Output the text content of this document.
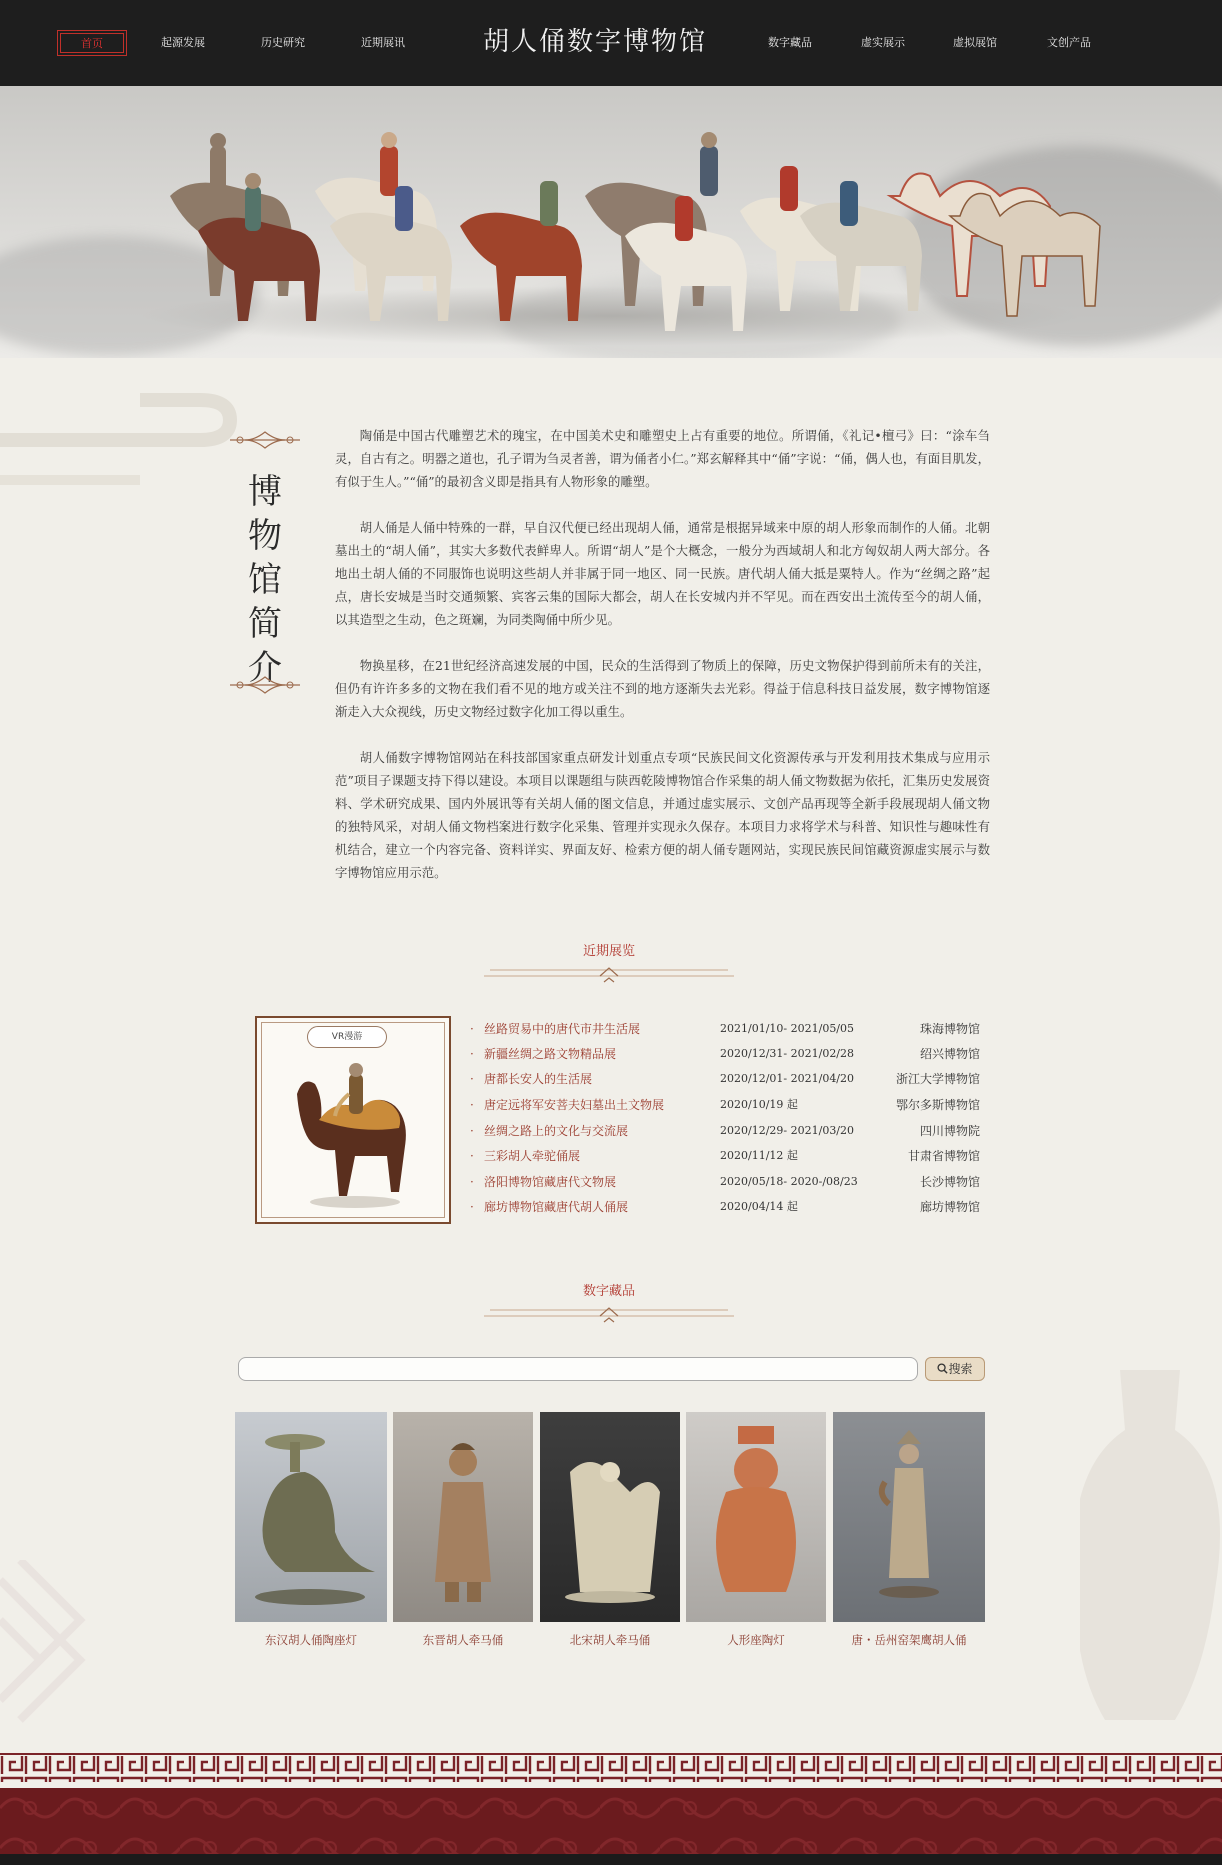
首页	起源发展	历史研究	近期展讯	胡人俑数字博物馆	数字藏品	虚实展示	虚拟展馆	文创产品
博
物
馆
简
介

陶俑是中国古代雕塑艺术的瑰宝，在中国美术史和雕塑史上占有重要的地位。所谓俑，《礼记•檀弓》曰：“涂车刍灵，自古有之。明器之道也，孔子谓为刍灵者善，谓为俑者小仁。”郑玄解释其中“俑”字说：“俑，偶人也，有面目肌发，有似于生人。”“俑”的最初含义即是指具有人物形象的雕塑。

胡人俑是人俑中特殊的一群，早自汉代便已经出现胡人俑，通常是根据异域来中原的胡人形象而制作的人俑。北朝墓出土的“胡人俑”，其实大多数代表鲜卑人。所谓“胡人”是个大概念，一般分为西域胡人和北方匈奴胡人两大部分。各地出土胡人俑的不同服饰也说明这些胡人并非属于同一地区、同一民族。唐代胡人俑大抵是粟特人。作为“丝绸之路”起点，唐长安城是当时交通频繁、宾客云集的国际大都会，胡人在长安城内并不罕见。而在西安出土流传至今的胡人俑，以其造型之生动，色之斑斓，为同类陶俑中所少见。

物换星移，在21世纪经济高速发展的中国，民众的生活得到了物质上的保障，历史文物保护得到前所未有的关注，但仍有许许多多的文物在我们看不见的地方或关注不到的地方逐渐失去光彩。得益于信息科技日益发展，数字博物馆逐渐走入大众视线，历史文物经过数字化加工得以重生。

胡人俑数字博物馆网站在科技部国家重点研发计划重点专项“民族民间文化资源传承与开发利用技术集成与应用示范”项目子课题支持下得以建设。本项目以课题组与陕西乾陵博物馆合作采集的胡人俑文物数据为依托，汇集历史发展资料、学术研究成果、国内外展讯等有关胡人俑的图文信息，并通过虚实展示、文创产品再现等全新手段展现胡人俑文物的独特风采，对胡人俑文物档案进行数字化采集、管理并实现永久保存。本项目力求将学术与科普、知识性与趣味性有机结合，建立一个内容完备、资料详实、界面友好、检索方便的胡人俑专题网站，实现民族民间馆藏资源虚实展示与数字博物馆应用示范。

近期展览
VR漫游
· 丝路贸易中的唐代市井生活展	2021/01/10- 2021/05/05	珠海博物馆
· 新疆丝绸之路文物精品展	2020/12/31- 2021/02/28	绍兴博物馆
· 唐都长安人的生活展	2020/12/01- 2021/04/20	浙江大学博物馆
· 唐定远将军安菩夫妇墓出土文物展	2020/10/19 起	鄂尔多斯博物馆
· 丝绸之路上的文化与交流展	2020/12/29- 2021/03/20	四川博物院
· 三彩胡人牵驼俑展	2020/11/12 起	甘肃省博物馆
· 洛阳博物馆藏唐代文物展	2020/05/18- 2020-/08/23	长沙博物馆
· 廊坊博物馆藏唐代胡人俑展	2020/04/14 起	廊坊博物馆
数字藏品
搜索
东汉胡人俑陶座灯	东晋胡人牵马俑	北宋胡人牵马俑	人形座陶灯	唐・岳州窑架鹰胡人俑
